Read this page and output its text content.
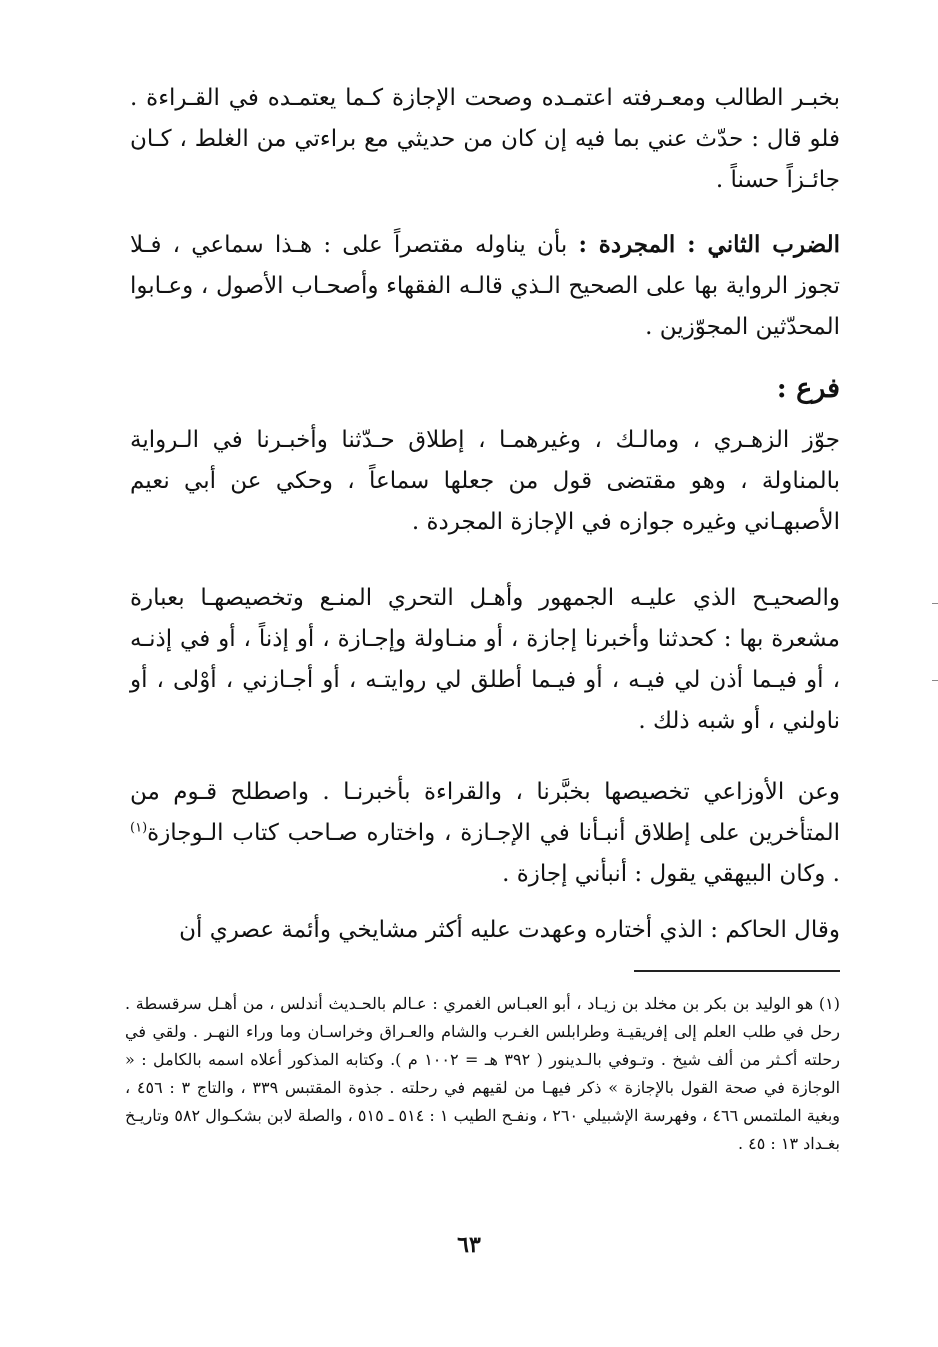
بخبـر الطالب ومعـرفته اعتمـده وصحت الإجازة كـما يعتمـده في القـراءة . فلو قال : حدّث عني بما فيه إن كان من حديثي مع براءتي من الغلط ، كـان جائـزاً حسناً .

الضرب الثاني : المجردة : بأن يناوله مقتصراً على : هـذا سماعي ، فـلا تجوز الرواية بها على الصحيح الـذي قالـه الفقهاء وأصحـاب الأصول ، وعـابوا المحدّثين المجوّزين .

فرع :

جوّز الزهـري ، ومالـك ، وغيرهمـا ، إطلاق حـدّثنا وأخبـرنا في الـرواية بالمناولة ، وهو مقتضى قول من جعلها سماعاً ، وحكي عن أبي نعيم الأصبهـاني وغيره جوازه في الإجازة المجردة .

والصحيـح الذي عليـه الجمهور وأهـل التحري المنـع وتخصيصهـا بعبارة مشعرة بها : كحدثنا وأخبرنا إجازة ، أو منـاولة وإجـازة ، أو إذناً ، أو في إذنـه ، أو فيـما أذن لي فيـه ، أو فيـما أطلق لي روايتـه ، أو أجـازني ، أوْلى ، أو ناولني ، أو شبه ذلك .

وعن الأوزاعي تخصيصها بخبَّرنا ، والقراءة بأخبرنـا . واصطلح قـوم من المتأخرين على إطلاق أنبـأنا في الإجـازة ، واختاره صـاحب كتاب الـوجازة$^{(١)}$ . وكان البيهقي يقول : أنبأني إجازة .

وقال الحاكم : الذي أختاره وعهدت عليه أكثر مشايخي وأئمة عصري أن

(١) هو الوليد بن بكر بن مخلد بن زيـاد ، أبو العبـاس الغمري : عـالم بالحـديث أندلس ، من أهـل سرقسطة . رحل في طلب العلم إلى إفريقيـة وطرابلس الغـرب والشام والعـراق وخراسـان وما وراء النهـر . ولقي في رحلته أكـثر من ألف شيخ . وتـوفي بالـدينور ( ٣٩٢ هـ = ١٠٠٢ م ). وكتابه المذكور أعلاه اسمه بالكامل : « الوجازة في صحة القول بالإجازة » ذكر فيهـا من لقيهم في رحلته . جذوة المقتبس ٣٣٩ ، والتاج ٣ : ٤٥٦ ، وبغية الملتمس ٤٦٦ ، وفهرسة الإشبيلي ٢٦٠ ، ونفـح الطيب ١ : ٥١٤ ـ ٥١٥ ، والصلة لابن بشكـوال ٥٨٢ وتاريـخ بغـداد ١٣ : ٤٥ .

٦٣
